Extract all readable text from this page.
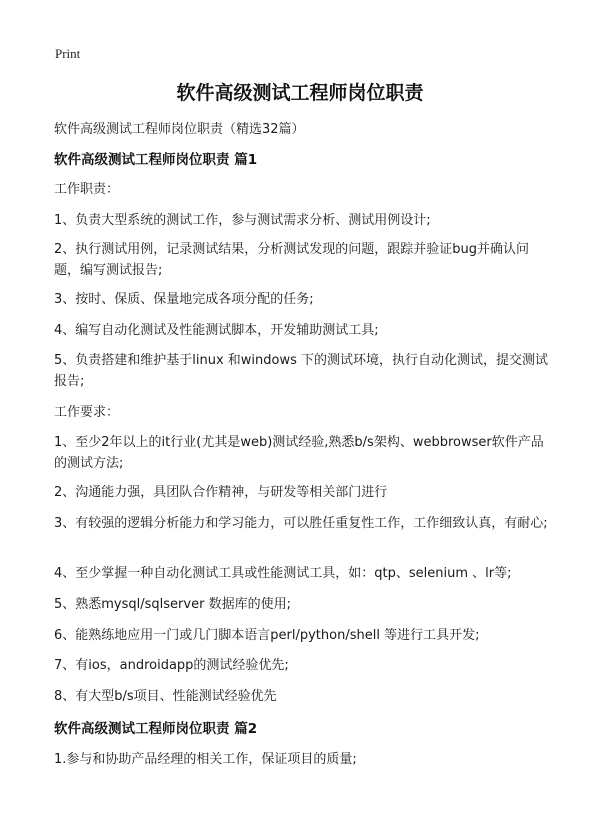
Print
软件高级测试工程师岗位职责
软件高级测试工程师岗位职责（精选32篇）
软件高级测试工程师岗位职责 篇1
工作职责：
1、负责大型系统的测试工作，参与测试需求分析、测试用例设计;
2、执行测试用例，记录测试结果，分析测试发现的问题，跟踪并验证bug并确认问题，编写测试报告;
3、按时、保质、保量地完成各项分配的任务;
4、编写自动化测试及性能测试脚本，开发辅助测试工具;
5、负责搭建和维护基于linux 和windows 下的测试环境，执行自动化测试，提交测试报告;
工作要求：
1、至少2年以上的it行业(尤其是web)测试经验,熟悉b/s架构、webbrowser软件产品的测试方法;
2、沟通能力强，具团队合作精神，与研发等相关部门进行
3、有较强的逻辑分析能力和学习能力，可以胜任重复性工作，工作细致认真，有耐心;
4、至少掌握一种自动化测试工具或性能测试工具，如：qtp、selenium 、lr等;
5、熟悉mysql/sqlserver 数据库的使用;
6、能熟练地应用一门或几门脚本语言perl/python/shell 等进行工具开发;
7、有ios，androidapp的测试经验优先;
8、有大型b/s项目、性能测试经验优先
软件高级测试工程师岗位职责 篇2
1.参与和协助产品经理的相关工作，保证项目的质量;
